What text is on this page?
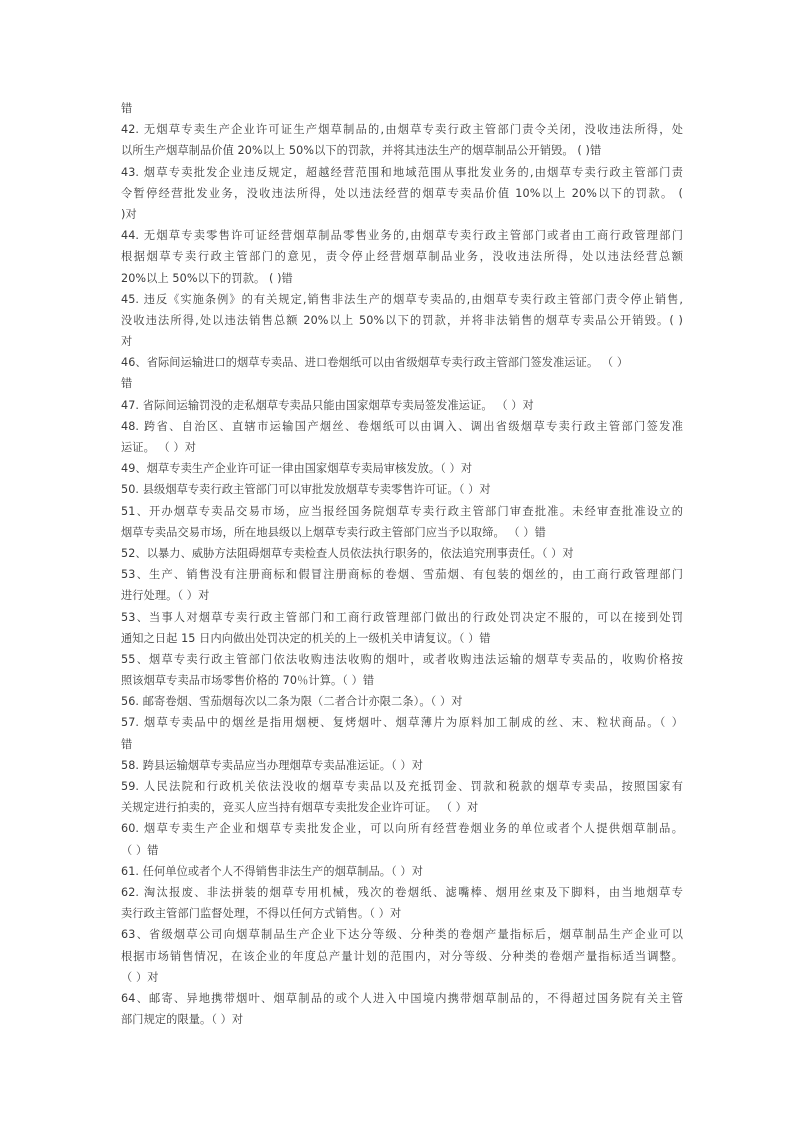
错
42. 无烟草专卖生产企业许可证生产烟草制品的,由烟草专卖行政主管部门责令关闭，没收违法所得，处
以所生产烟草制品价值 20%以上 50%以下的罚款，并将其违法生产的烟草制品公开销毁。 ( )错
43. 烟草专卖批发企业违反规定，超越经营范围和地域范围从事批发业务的,由烟草专卖行政主管部门责
令暂停经营批发业务，没收违法所得，处以违法经营的烟草专卖品价值 10%以上 20%以下的罚款。 (
)对
44. 无烟草专卖零售许可证经营烟草制品零售业务的,由烟草专卖行政主管部门或者由工商行政管理部门
根据烟草专卖行政主管部门的意见，责令停止经营烟草制品业务，没收违法所得，处以违法经营总额
20%以上 50%以下的罚款。 ( )错
45. 违反《实施条例》的有关规定,销售非法生产的烟草专卖品的,由烟草专卖行政主管部门责令停止销售,
没收违法所得,处以违法销售总额 20%以上 50%以下的罚款，并将非法销售的烟草专卖品公开销毁。( )
对
46、省际间运输进口的烟草专卖品、进口卷烟纸可以由省级烟草专卖行政主管部门签发准运证。 （ ）
错
47. 省际间运输罚没的走私烟草专卖品只能由国家烟草专卖局签发准运证。 （ ）对
48. 跨省、自治区、直辖市运输国产烟丝、卷烟纸可以由调入、调出省级烟草专卖行政主管部门签发准
运证。 （ ）对
49、烟草专卖生产企业许可证一律由国家烟草专卖局审核发放。（ ）对
50. 县级烟草专卖行政主管部门可以审批发放烟草专卖零售许可证。（ ）对
51、开办烟草专卖品交易市场，应当报经国务院烟草专卖行政主管部门审查批准。未经审查批准设立的
烟草专卖品交易市场，所在地县级以上烟草专卖行政主管部门应当予以取缔。 （ ）错
52、以暴力、威胁方法阻碍烟草专卖检查人员依法执行职务的，依法追究刑事责任。（ ）对
53、生产、销售没有注册商标和假冒注册商标的卷烟、雪茄烟、有包装的烟丝的，由工商行政管理部门
进行处理。（ ）对
53、当事人对烟草专卖行政主管部门和工商行政管理部门做出的行政处罚决定不服的，可以在接到处罚
通知之日起 15 日内向做出处罚决定的机关的上一级机关申请复议。（ ）错
55、烟草专卖行政主管部门依法收购违法收购的烟叶，或者收购违法运输的烟草专卖品的，收购价格按
照该烟草专卖品市场零售价格的 70％计算。（ ）错
56. 邮寄卷烟、雪茄烟每次以二条为限（二者合计亦限二条）。（ ）对
57. 烟草专卖品中的烟丝是指用烟梗、复烤烟叶、烟草薄片为原料加工制成的丝、末、粒状商品。（ ）
错
58. 跨县运输烟草专卖品应当办理烟草专卖品准运证。（ ）对
59. 人民法院和行政机关依法没收的烟草专卖品以及充抵罚金、罚款和税款的烟草专卖品，按照国家有
关规定进行拍卖的，竞买人应当持有烟草专卖批发企业许可证。 （ ）对
60. 烟草专卖生产企业和烟草专卖批发企业，可以向所有经营卷烟业务的单位或者个人提供烟草制品。
（ ）错
61. 任何单位或者个人不得销售非法生产的烟草制品。（ ）对
62. 淘汰报废、非法拼装的烟草专用机械，残次的卷烟纸、滤嘴棒、烟用丝束及下脚料，由当地烟草专
卖行政主管部门监督处理，不得以任何方式销售。（ ）对
63、省级烟草公司向烟草制品生产企业下达分等级、分种类的卷烟产量指标后，烟草制品生产企业可以
根据市场销售情况，在该企业的年度总产量计划的范围内，对分等级、分种类的卷烟产量指标适当调整。
（ ）对
64、邮寄、异地携带烟叶、烟草制品的或个人进入中国境内携带烟草制品的，不得超过国务院有关主管
部门规定的限量。（ ）对
